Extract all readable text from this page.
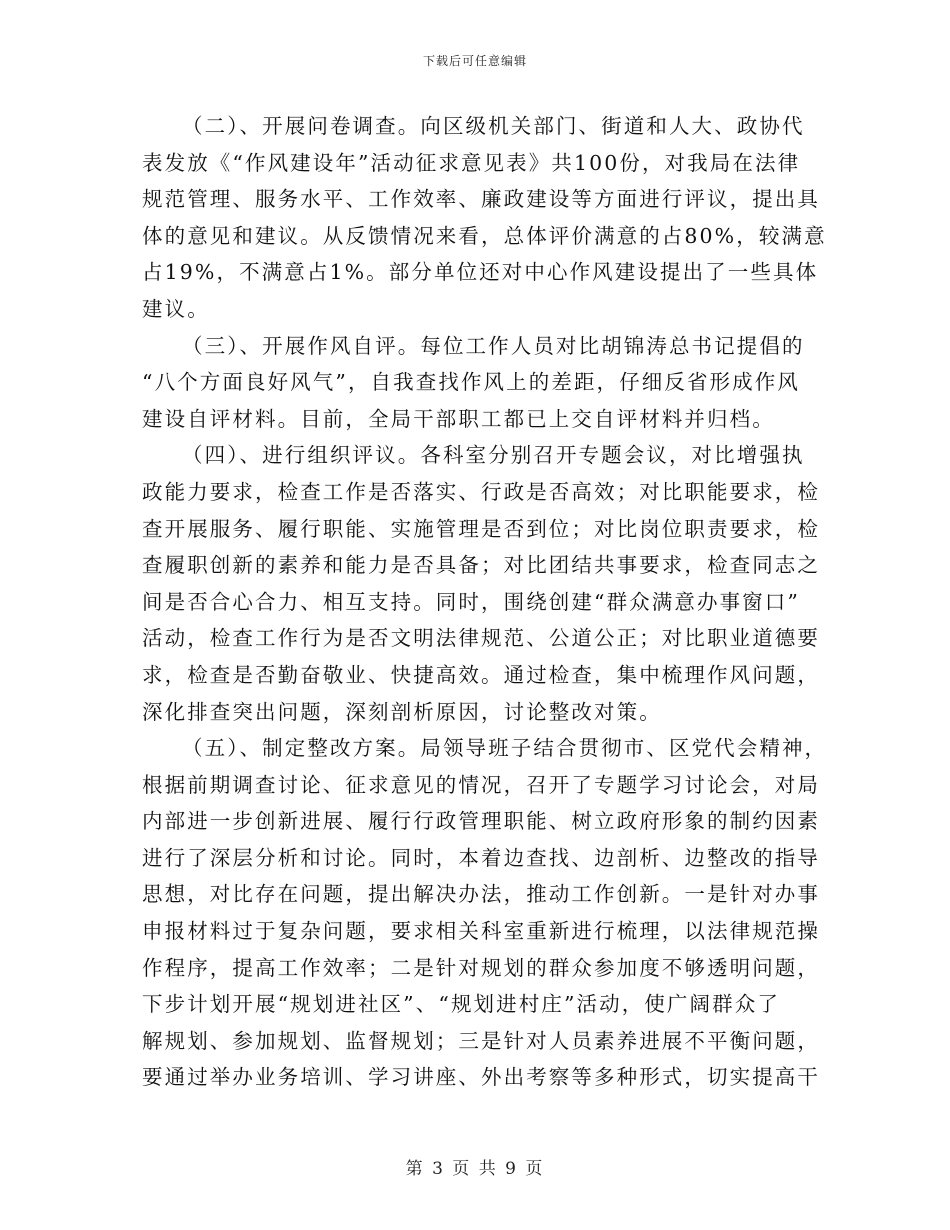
下载后可任意编辑
（二）、开展问卷调查。向区级机关部门、街道和人大、政协代
表发放《“作风建设年”活动征求意见表》共100份，对我局在法律
规范管理、服务水平、工作效率、廉政建设等方面进行评议，提出具
体的意见和建议。从反馈情况来看，总体评价满意的占80%，较满意
占19%，不满意占1%。部分单位还对中心作风建设提出了一些具体
建议。
（三）、开展作风自评。每位工作人员对比胡锦涛总书记提倡的
“八个方面良好风气”，自我查找作风上的差距，仔细反省形成作风
建设自评材料。目前，全局干部职工都已上交自评材料并归档。
（四）、进行组织评议。各科室分别召开专题会议，对比增强执
政能力要求，检查工作是否落实、行政是否高效；对比职能要求，检
查开展服务、履行职能、实施管理是否到位；对比岗位职责要求，检
查履职创新的素养和能力是否具备；对比团结共事要求，检查同志之
间是否合心合力、相互支持。同时，围绕创建“群众满意办事窗口”
活动，检查工作行为是否文明法律规范、公道公正；对比职业道德要
求，检查是否勤奋敬业、快捷高效。通过检查，集中梳理作风问题，
深化排查突出问题，深刻剖析原因，讨论整改对策。
（五）、制定整改方案。局领导班子结合贯彻市、区党代会精神，
根据前期调查讨论、征求意见的情况，召开了专题学习讨论会，对局
内部进一步创新进展、履行行政管理职能、树立政府形象的制约因素
进行了深层分析和讨论。同时，本着边查找、边剖析、边整改的指导
思想，对比存在问题，提出解决办法，推动工作创新。一是针对办事
申报材料过于复杂问题，要求相关科室重新进行梳理，以法律规范操
作程序，提高工作效率；二是针对规划的群众参加度不够透明问题，
下步计划开展“规划进社区”、“规划进村庄”活动，使广阔群众了
解规划、参加规划、监督规划；三是针对人员素养进展不平衡问题，
要通过举办业务培训、学习讲座、外出考察等多种形式，切实提高干
第 3 页 共 9 页
